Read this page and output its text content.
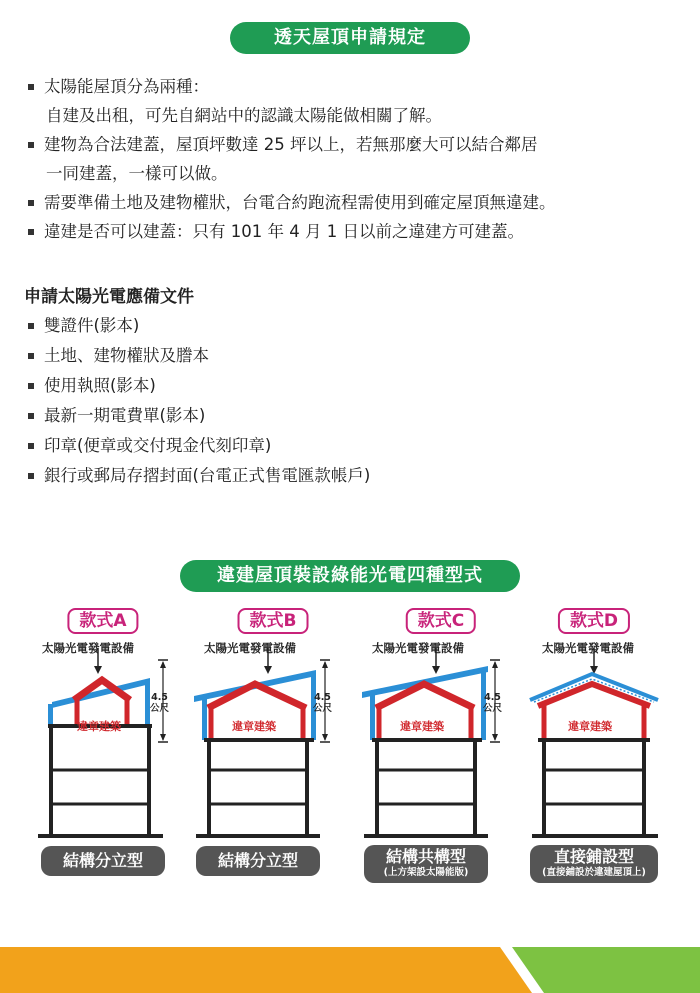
透天屋頂申請規定
太陽能屋頂分為兩種：
自建及出租，可先自網站中的認識太陽能做相關了解。
建物為合法建蓋，屋頂坪數達 25 坪以上，若無那麼大可以結合鄰居
一同建蓋，一樣可以做。
需要準備土地及建物權狀，台電合約跑流程需使用到確定屋頂無違建。
違建是否可以建蓋：只有 101 年 4 月 1 日以前之違建方可建蓋。
申請太陽光電應備文件
雙證件(影本)
土地、建物權狀及謄本
使用執照(影本)
最新一期電費單(影本)
印章(便章或交付現金代刻印章)
銀行或郵局存摺封面(台電正式售電匯款帳戶)
違建屋頂裝設綠能光電四種型式
款式A
太陽光電發電設備
違章建築
4.5
公尺
結構分立型
款式B
太陽光電發電設備
違章建築
4.5
公尺
結構分立型
款式C
太陽光電發電設備
違章建築
4.5
公尺
結構共構型
(上方架設太陽能版)
款式D
太陽光電發電設備
違章建築
直接鋪設型
(直接鋪設於違建屋頂上)
